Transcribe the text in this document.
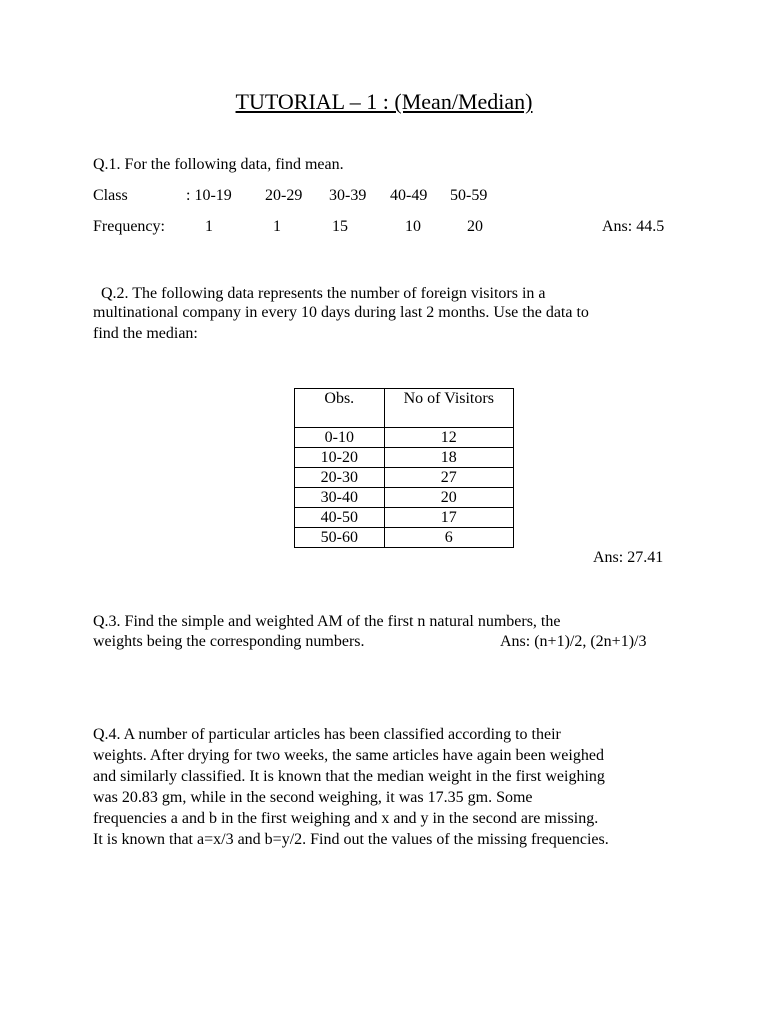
TUTORIAL – 1 : (Mean/Median)
Q.1. For the following data, find mean.
Class	: 10-19 20-29 30-39 40-49 50-59
Frequency:	1	1	15	10	20	Ans: 44.5
Q.2. The following data represents the number of foreign visitors in a
multinational company in every 10 days during last 2 months. Use the data to
find the median:
Obs.	No of Visitors
0-10	12
10-20	18
20-30	27
30-40	20
40-50	17
50-60	6
Ans: 27.41
Q.3. Find the simple and weighted AM of the first n natural numbers, the
weights being the corresponding numbers.	Ans: (n+1)/2, (2n+1)/3
Q.4. A number of particular articles has been classified according to their
weights. After drying for two weeks, the same articles have again been weighed
and similarly classified. It is known that the median weight in the first weighing
was 20.83 gm, while in the second weighing, it was 17.35 gm. Some
frequencies a and b in the first weighing and x and y in the second are missing.
It is known that a=x/3 and b=y/2. Find out the values of the missing frequencies.
